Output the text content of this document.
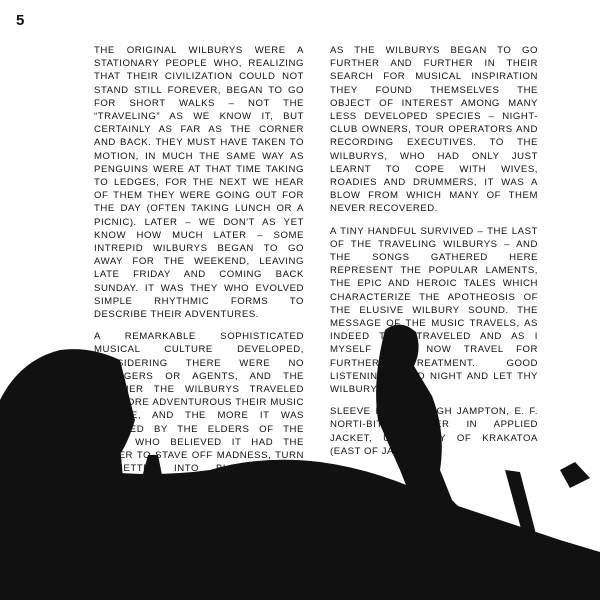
5

THE ORIGINAL WILBURYS WERE A STATIONARY PEOPLE WHO, REALIZING THAT THEIR CIVILIZATION COULD NOT STAND STILL FOREVER, BEGAN TO GO FOR SHORT WALKS – NOT THE “TRAVELING” AS WE KNOW IT, BUT CERTAINLY AS FAR AS THE CORNER AND BACK. THEY MUST HAVE TAKEN TO MOTION, IN MUCH THE SAME WAY AS PENGUINS WERE AT THAT TIME TAKING TO LEDGES, FOR THE NEXT WE HEAR OF THEM THEY WERE GOING OUT FOR THE DAY (OFTEN TAKING LUNCH OR A PICNIC). LATER – WE DON'T AS YET KNOW HOW MUCH LATER – SOME INTREPID WILBURYS BEGAN TO GO AWAY FOR THE WEEKEND, LEAVING LATE FRIDAY AND COMING BACK SUNDAY. IT WAS THEY WHO EVOLVED SIMPLE RHYTHMIC FORMS TO DESCRIBE THEIR ADVENTURES.

A REMARKABLE SOPHISTICATED MUSICAL CULTURE DEVELOPED, CONSIDERING THERE WERE NO MANAGERS OR AGENTS, AND THE FURTHER THE WILBURYS TRAVELED THE MORE ADVENTUROUS THEIR MUSIC BECAME, AND THE MORE IT WAS REVERED BY THE ELDERS OF THE TRIBE WHO BELIEVED IT HAD THE POWER TO STAVE OFF MADNESS, TURN BRUNETTES INTO BLONDES AND INCREASE THE SIZE OF THEIR EARS.

AS THE WILBURYS BEGAN TO GO FURTHER AND FURTHER IN THEIR SEARCH FOR MUSICAL INSPIRATION THEY FOUND THEMSELVES THE OBJECT OF INTEREST AMONG MANY LESS DEVELOPED SPECIES – NIGHT-CLUB OWNERS, TOUR OPERATORS AND RECORDING EXECUTIVES. TO THE WILBURYS, WHO HAD ONLY JUST LEARNT TO COPE WITH WIVES, ROADIES AND DRUMMERS, IT WAS A BLOW FROM WHICH MANY OF THEM NEVER RECOVERED.

A TINY HANDFUL SURVIVED – THE LAST OF THE TRAVELING WILBURYS – AND THE SONGS GATHERED HERE REPRESENT THE POPULAR LAMENTS, THE EPIC AND HEROIC TALES WHICH CHARACTERIZE THE APOTHEOSIS OF THE ELUSIVE WILBURY SOUND. THE MESSAGE OF THE MUSIC TRAVELS, AS INDEED THEY TRAVELED AND AS I MYSELF MUST NOW TRAVEL FOR FURTHER TREATMENT. GOOD LISTENING, GOOD NIGHT AND LET THY WILBURY DONE . . .

SLEEVE NOTE © HUGH JAMPTON, E. F. NORTI-BITZ READER IN APPLIED JACKET, UNIVERSITY OF KRAKATOA (EAST OF JAVA)
